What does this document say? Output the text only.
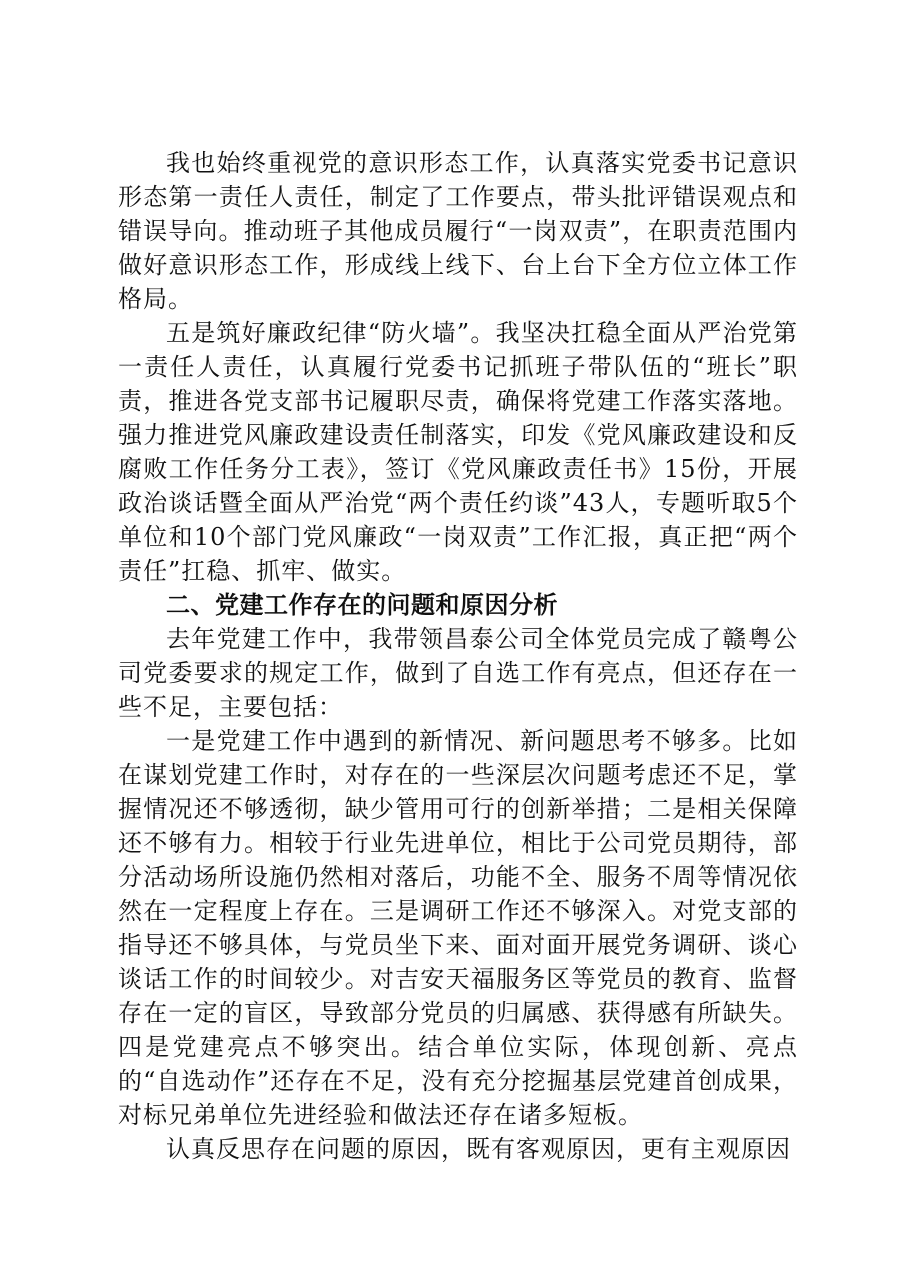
我也始终重视党的意识形态工作，认真落实党委书记意识形态第一责任人责任，制定了工作要点，带头批评错误观点和错误导向。推动班子其他成员履行“一岗双责”，在职责范围内做好意识形态工作，形成线上线下、台上台下全方位立体工作格局。

五是筑好廉政纪律“防火墙”。我坚决扛稳全面从严治党第一责任人责任，认真履行党委书记抓班子带队伍的“班长”职责，推进各党支部书记履职尽责，确保将党建工作落实落地。强力推进党风廉政建设责任制落实，印发《党风廉政建设和反腐败工作任务分工表》，签订《党风廉政责任书》15份，开展政治谈话暨全面从严治党“两个责任约谈”43人，专题听取5个单位和10个部门党风廉政“一岗双责”工作汇报，真正把“两个责任”扛稳、抓牢、做实。

二、党建工作存在的问题和原因分析

去年党建工作中，我带领昌泰公司全体党员完成了赣粤公司党委要求的规定工作，做到了自选工作有亮点，但还存在一些不足，主要包括：

一是党建工作中遇到的新情况、新问题思考不够多。比如在谋划党建工作时，对存在的一些深层次问题考虑还不足，掌握情况还不够透彻，缺少管用可行的创新举措；二是相关保障还不够有力。相较于行业先进单位，相比于公司党员期待，部分活动场所设施仍然相对落后，功能不全、服务不周等情况依然在一定程度上存在。三是调研工作还不够深入。对党支部的指导还不够具体，与党员坐下来、面对面开展党务调研、谈心谈话工作的时间较少。对吉安天福服务区等党员的教育、监督存在一定的盲区，导致部分党员的归属感、获得感有所缺失。四是党建亮点不够突出。结合单位实际，体现创新、亮点的“自选动作”还存在不足，没有充分挖掘基层党建首创成果，对标兄弟单位先进经验和做法还存在诸多短板。

认真反思存在问题的原因，既有客观原因，更有主观原因
